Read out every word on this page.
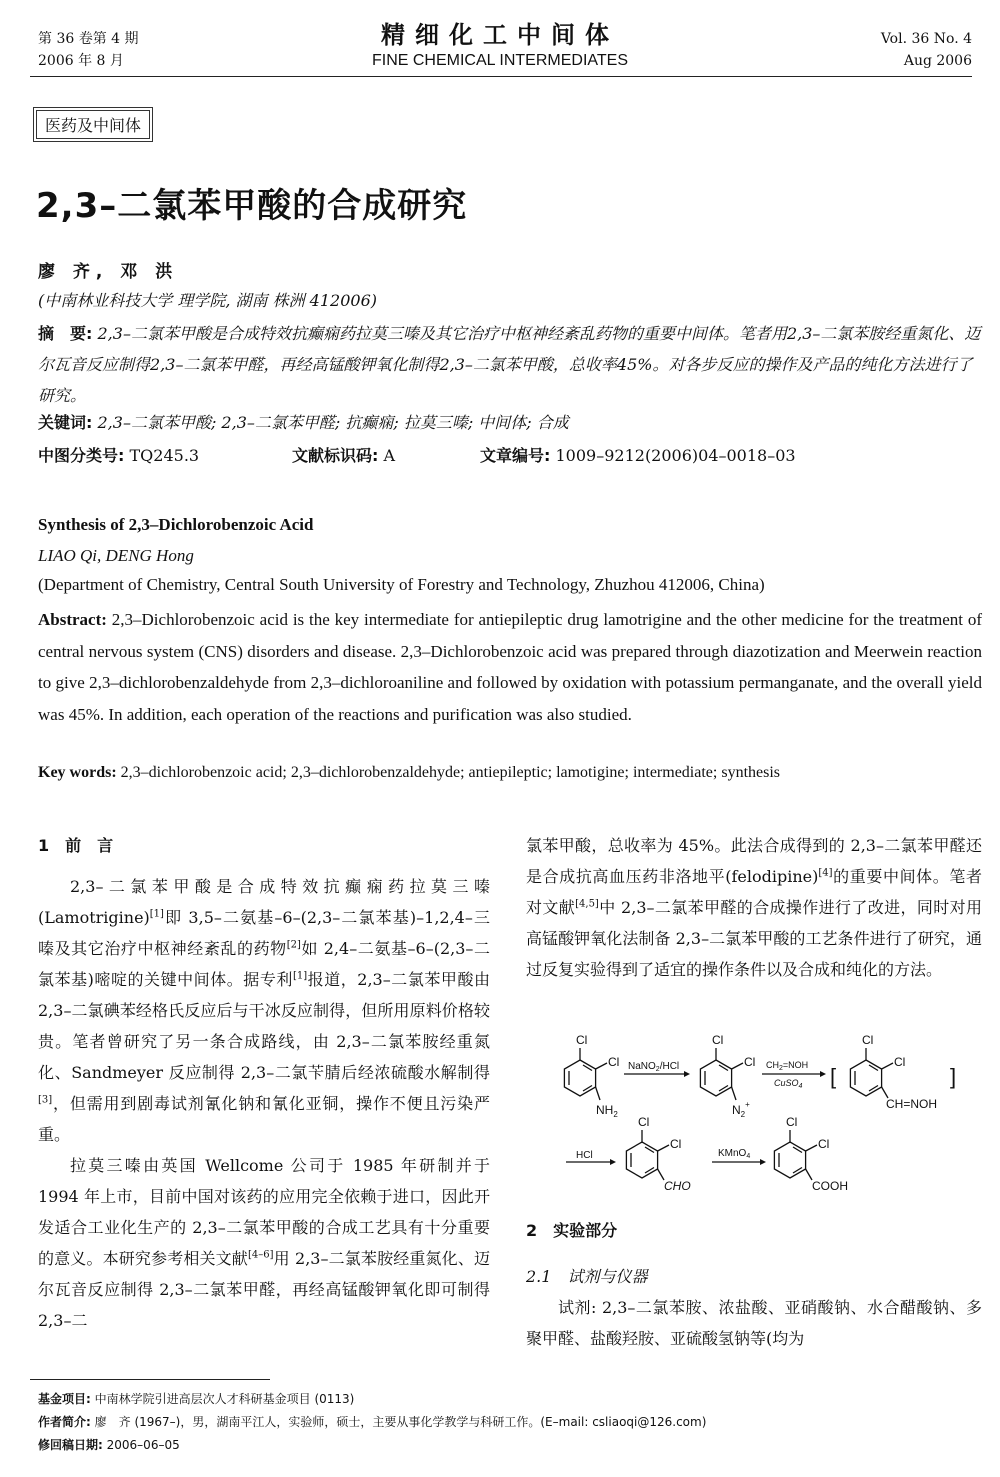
第 36 卷第 4 期
2006 年 8 月
精细化工中间体
FINE CHEMICAL INTERMEDIATES
Vol. 36 No. 4
Aug 2006
医药及中间体
2,3–二氯苯甲酸的合成研究
廖 齐, 邓 洪
(中南林业科技大学 理学院, 湖南 株洲 412006)
摘　要: 2,3–二氯苯甲酸是合成特效抗癫痫药拉莫三嗪及其它治疗中枢神经紊乱药物的重要中间体。笔者用2,3–二氯苯胺经重氮化、迈尔瓦音反应制得2,3–二氯苯甲醛，再经高锰酸钾氧化制得2,3–二氯苯甲酸，总收率45%。对各步反应的操作及产品的纯化方法进行了研究。
关键词: 2,3–二氯苯甲酸; 2,3–二氯苯甲醛; 抗癫痫; 拉莫三嗪; 中间体; 合成
中图分类号: TQ245.3	文献标识码: A	文章编号: 1009–9212(2006)04–0018–03
Synthesis of 2,3–Dichlorobenzoic Acid
LIAO Qi, DENG Hong
(Department of Chemistry, Central South University of Forestry and Technology, Zhuzhou 412006, China)
Abstract: 2,3–Dichlorobenzoic acid is the key intermediate for antiepileptic drug lamotrigine and the other medicine for the treatment of central nervous system (CNS) disorders and disease. 2,3–Dichlorobenzoic acid was prepared through diazotization and Meerwein reaction to give 2,3–dichlorobenzaldehyde from 2,3–dichloroaniline and followed by oxidation with potassium permanganate, and the overall yield was 45%. In addition, each operation of the reactions and purification was also studied.
Key words: 2,3–dichlorobenzoic acid; 2,3–dichlorobenzaldehyde; antiepileptic; lamotigine; intermediate; synthesis
1　前　言

2,3–二氯苯甲酸是合成特效抗癫痫药拉莫三嗪(Lamotrigine)[1]即 3,5–二氨基–6–(2,3–二氯苯基)–1,2,4–三嗪及其它治疗中枢神经紊乱的药物[2]如 2,4–二氨基–6–(2,3–二氯苯基)嘧啶的关键中间体。据专利[1]报道，2,3–二氯苯甲酸由 2,3–二氯碘苯经格氏反应后与干冰反应制得，但所用原料价格较贵。笔者曾研究了另一条合成路线，由 2,3–二氯苯胺经重氮化、Sandmeyer 反应制得 2,3–二氯苄腈后经浓硫酸水解制得[3]，但需用到剧毒试剂氰化钠和氰化亚铜，操作不便且污染严重。

拉莫三嗪由英国 Wellcome 公司于 1985 年研制并于 1994 年上市，目前中国对该药的应用完全依赖于进口，因此开发适合工业化生产的 2,3–二氯苯甲酸的合成工艺具有十分重要的意义。本研究参考相关文献[4–6]用 2,3–二氯苯胺经重氮化、迈尔瓦音反应制得 2,3–二氯苯甲醛，再经高锰酸钾氧化即可制得 2,3–二

氯苯甲酸，总收率为 45%。此法合成得到的 2,3–二氯苯甲醛还是合成抗高血压药非洛地平(felodipine)[4]的重要中间体。笔者对文献[4,5]中 2,3–二氯苯甲醛的合成操作进行了改进，同时对用高锰酸钾氧化法制备 2,3–二氯苯甲酸的工艺条件进行了研究，通过反复实验得到了适宜的操作条件以及合成和纯化的方法。

Cl
Cl
$NH_2$
NaNO$_2$/HCl
Cl
Cl
$N_2^+$
$CH_2=NOH$
CuSO$_4$ [
Cl
Cl
CH=NOH
]
HCl
Cl
Cl
CHO
KMnO$_4$
Cl
Cl
COOH
2　实验部分
2.1　试剂与仪器
试剂: 2,3–二氯苯胺、浓盐酸、亚硝酸钠、水合醋酸钠、多聚甲醛、盐酸羟胺、亚硫酸氢钠等(均为
基金项目: 中南林学院引进高层次人才科研基金项目 (0113)
作者简介: 廖　齐 (1967–)，男，湖南平江人，实验师，硕士，主要从事化学教学与科研工作。(E–mail: csliaoqi@126.com)
修回稿日期: 2006–06–05
